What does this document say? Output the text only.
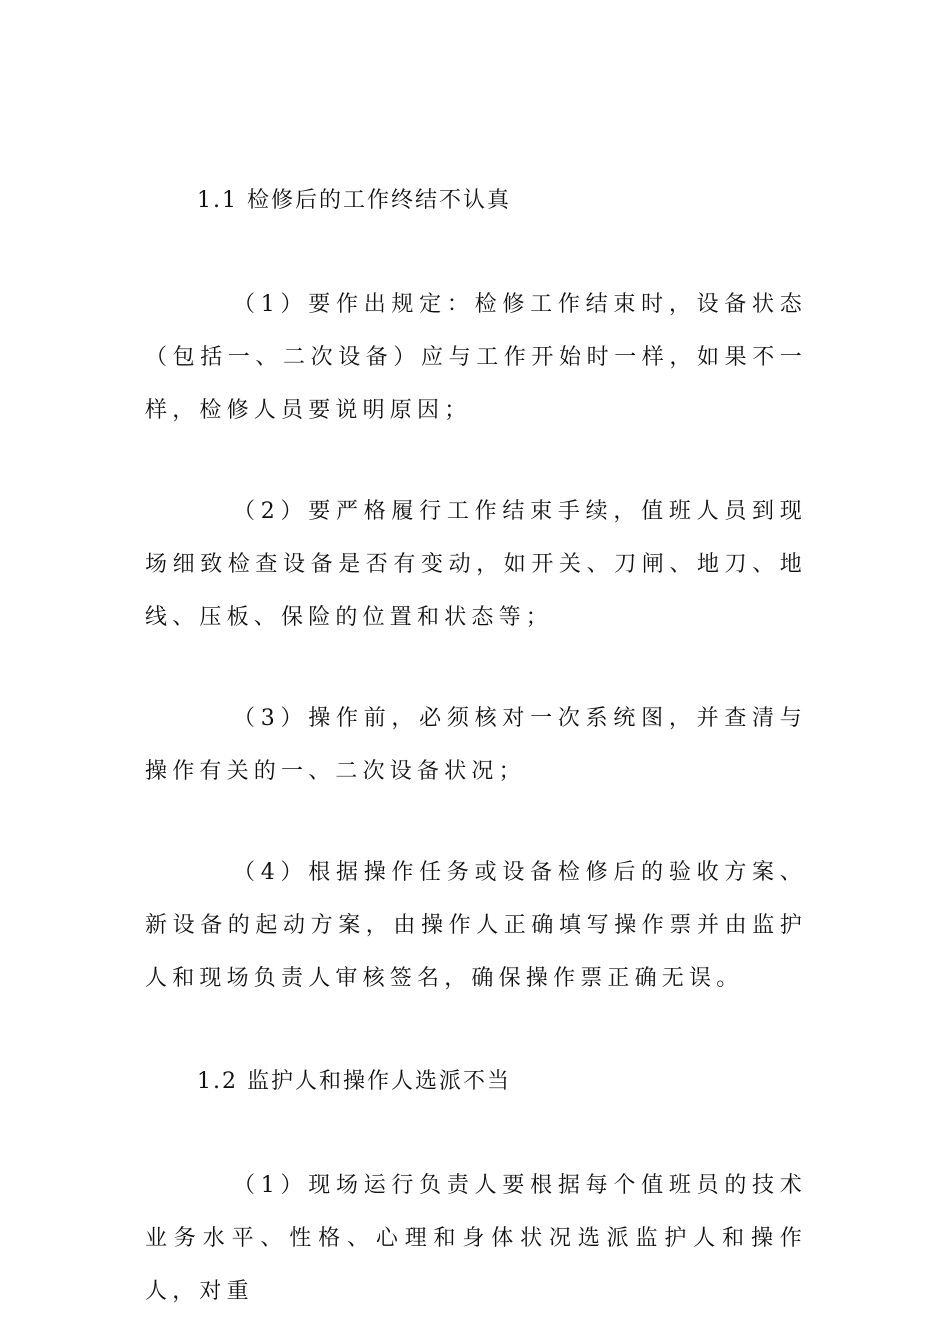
1.1 检修后的工作终结不认真

（1）要作出规定：检修工作结束时，设备状态（包括一、二次设备）应与工作开始时一样，如果不一样，检修人员要说明原因；

（2）要严格履行工作结束手续，值班人员到现场细致检查设备是否有变动，如开关、刀闸、地刀、地线、压板、保险的位置和状态等；

（3）操作前，必须核对一次系统图，并查清与操作有关的一、二次设备状况；

（4）根据操作任务或设备检修后的验收方案、新设备的起动方案，由操作人正确填写操作票并由监护人和现场负责人审核签名，确保操作票正确无误。

1.2 监护人和操作人选派不当

（1）现场运行负责人要根据每个值班员的技术业务水平、性格、心理和身体状况选派监护人和操作人，对重
